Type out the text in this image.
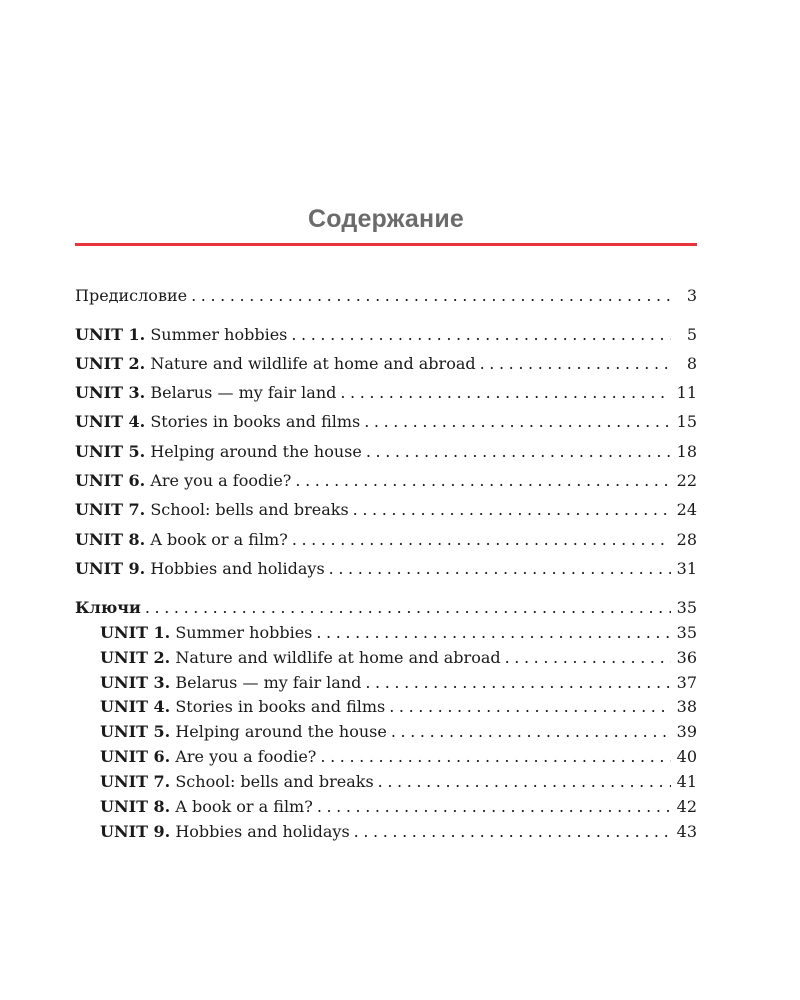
Содержание
Предисловие .....	3
UNIT 1. Summer hobbies .....	5
UNIT 2. Nature and wildlife at home and abroad .....	8
UNIT 3. Belarus — my fair land .....	11
UNIT 4. Stories in books and films .....	15
UNIT 5. Helping around the house .....	18
UNIT 6. Are you a foodie? .....	22
UNIT 7. School: bells and breaks .....	24
UNIT 8. A book or a film? .....	28
UNIT 9. Hobbies and holidays .....	31
Ключи .....	35
UNIT 1. Summer hobbies .....	35
UNIT 2. Nature and wildlife at home and abroad .....	36
UNIT 3. Belarus — my fair land .....	37
UNIT 4. Stories in books and films .....	38
UNIT 5. Helping around the house .....	39
UNIT 6. Are you a foodie? .....	40
UNIT 7. School: bells and breaks .....	41
UNIT 8. A book or a film? .....	42
UNIT 9. Hobbies and holidays .....	43
